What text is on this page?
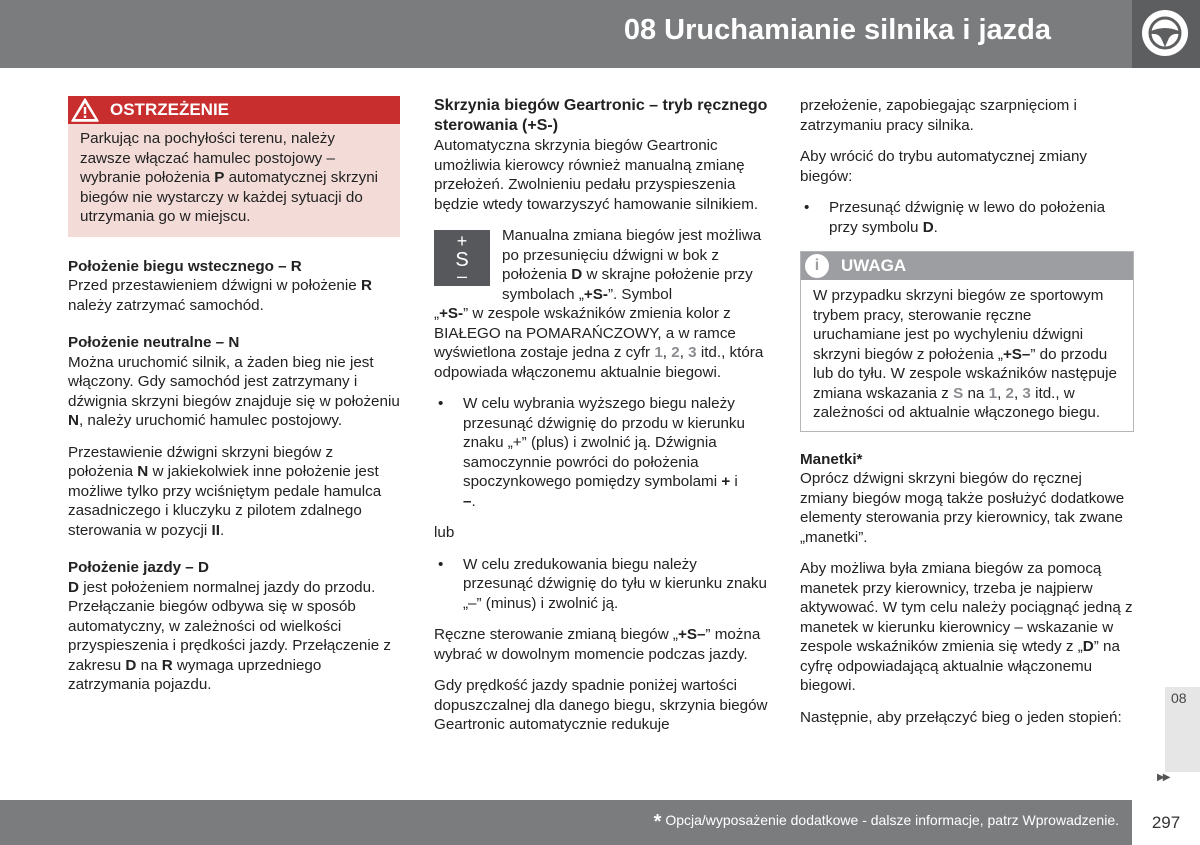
08 Uruchamianie silnika i jazda
OSTRZEŻENIE
Parkując na pochyłości terenu, należy zawsze włączać hamulec postojowy – wybranie położenia P automatycznej skrzyni biegów nie wystarczy w każdej sytuacji do utrzymania go w miejscu.

Położenie biegu wstecznego – R

Przed przestawieniem dźwigni w położenie R należy zatrzymać samochód.

Położenie neutralne – N

Można uruchomić silnik, a żaden bieg nie jest włączony. Gdy samochód jest zatrzymany i dźwignia skrzyni biegów znajduje się w położeniu N, należy uruchomić hamulec postojowy.

Przestawienie dźwigni skrzyni biegów z położenia N w jakiekolwiek inne położenie jest możliwe tylko przy wciśniętym pedale hamulca zasadniczego i kluczyku z pilotem zdalnego sterowania w pozycji II.

Położenie jazdy – D

D jest położeniem normalnej jazdy do przodu. Przełączanie biegów odbywa się w sposób automatyczny, w zależności od wielkości przyspieszenia i prędkości jazdy. Przełączenie z zakresu D na R wymaga uprzedniego zatrzymania pojazdu.

Skrzynia biegów Geartronic – tryb ręcznego sterowania (+S-)

Automatyczna skrzynia biegów Geartronic umożliwia kierowcy również manualną zmianę przełożeń. Zwolnieniu pedału przyspieszenia będzie wtedy towarzyszyć hamowanie silnikiem.

+
S
–
Manualna zmiana biegów jest możliwa po przesunięciu dźwigni w bok z położenia D w skrajne położenie przy symbolach „+S-”. Symbol

„+S-” w zespole wskaźników zmienia kolor z BIAŁEGO na POMARAŃCZOWY, a w ramce wyświetlona zostaje jedna z cyfr 1, 2, 3 itd., która odpowiada włączonemu aktualnie biegowi.

• W celu wybrania wyższego biegu należy przesunąć dźwignię do przodu w kierunku znaku „+” (plus) i zwolnić ją. Dźwignia samoczynnie powróci do położenia spoczynkowego pomiędzy symbolami + i
–.

lub

• W celu zredukowania biegu należy przesunąć dźwignię do tyłu w kierunku znaku „–” (minus) i zwolnić ją.

Ręczne sterowanie zmianą biegów „+S–” można wybrać w dowolnym momencie podczas jazdy.

Gdy prędkość jazdy spadnie poniżej wartości dopuszczalnej dla danego biegu, skrzynia biegów Geartronic automatycznie redukuje

przełożenie, zapobiegając szarpnięciom i zatrzymaniu pracy silnika.

Aby wrócić do trybu automatycznej zmiany biegów:

• Przesunąć dźwignię w lewo do położenia przy symbolu D.
i	UWAGA
W przypadku skrzyni biegów ze sportowym trybem pracy, sterowanie ręczne uruchamiane jest po wychyleniu dźwigni skrzyni biegów z położenia „+S–” do przodu lub do tyłu. W zespole wskaźników następuje zmiana wskazania z S na 1, 2, 3 itd., w zależności od aktualnie włączonego biegu.

Manetki*

Oprócz dźwigni skrzyni biegów do ręcznej zmiany biegów mogą także posłużyć dodatkowe elementy sterowania przy kierownicy, tak zwane „manetki”.

Aby możliwa była zmiana biegów za pomocą manetek przy kierownicy, trzeba je najpierw aktywować. W tym celu należy pociągnąć jedną z manetek w kierunku kierownicy – wskazanie w zespole wskaźników zmienia się wtedy z „D” na cyfrę odpowiadającą aktualnie włączonemu biegowi.

Następnie, aby przełączyć bieg o jeden stopień:

08
▶▶
* Opcja/wyposażenie dodatkowe - dalsze informacje, patrz Wprowadzenie.	297
